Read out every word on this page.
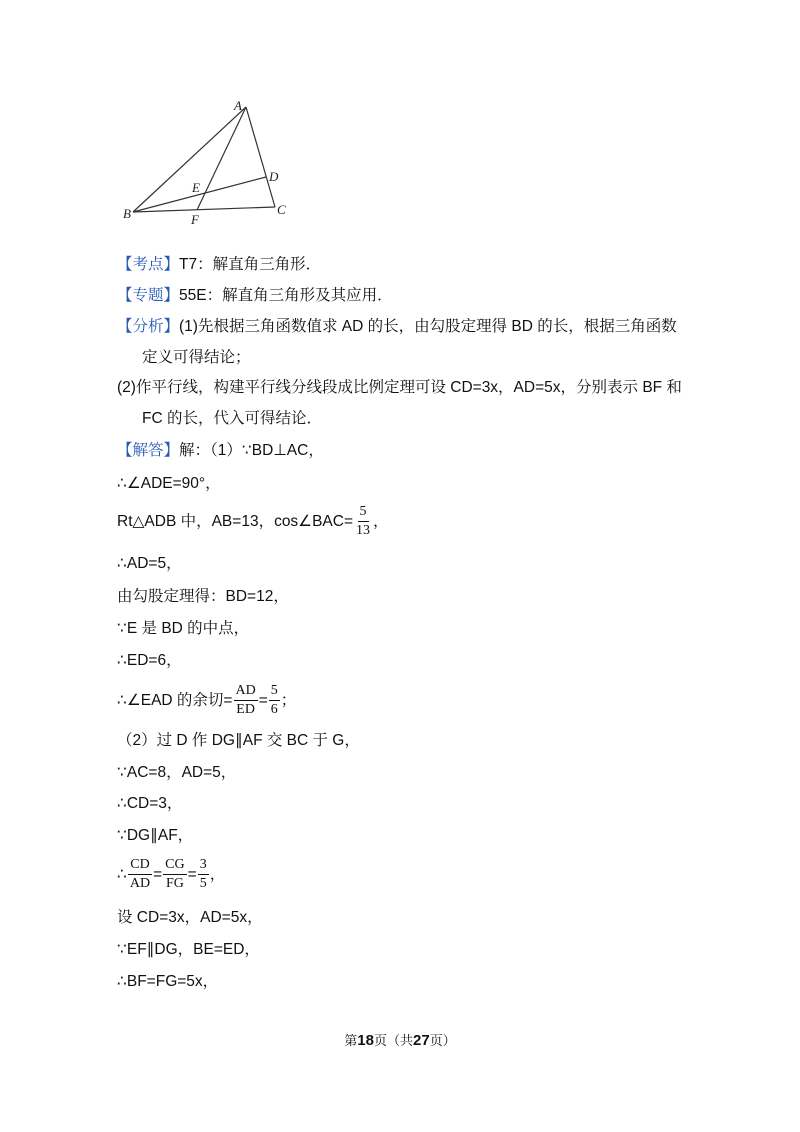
A
D
E
B	F
C
【考点】T7：解直角三角形．
【专题】55E：解直角三角形及其应用．
【分析】(1)先根据三角函数值求 AD 的长，由勾股定理得 BD 的长，根据三角函数
定义可得结论；
(2)作平行线，构建平行线分线段成比例定理可设 CD=3x，AD=5x，分别表示 BF 和
FC 的长，代入可得结论．
【解答】解：（1）∵BD⊥AC，
∴∠ADE=90°，
Rt△ADB 中，AB=13，cos∠BAC= $\frac{5}{13}$ ，
∴AD=5，
由勾股定理得：BD=12，
∵E 是 BD 的中点，
∴ED=6，
∴∠EAD 的余切= $\frac{AD}{ED} = \frac{5}{6}$ ；
（2）过 D 作 DG∥AF 交 BC 于 G，
∵AC=8，AD=5，
∴CD=3，
∵DG∥AF，
∴ $\frac{CD}{AD} = \frac{CG}{FG} = \frac{3}{5}$ ，
设 CD=3x，AD=5x，
∵EF∥DG，BE=ED，
∴BF=FG=5x，
第18页（共27页）
